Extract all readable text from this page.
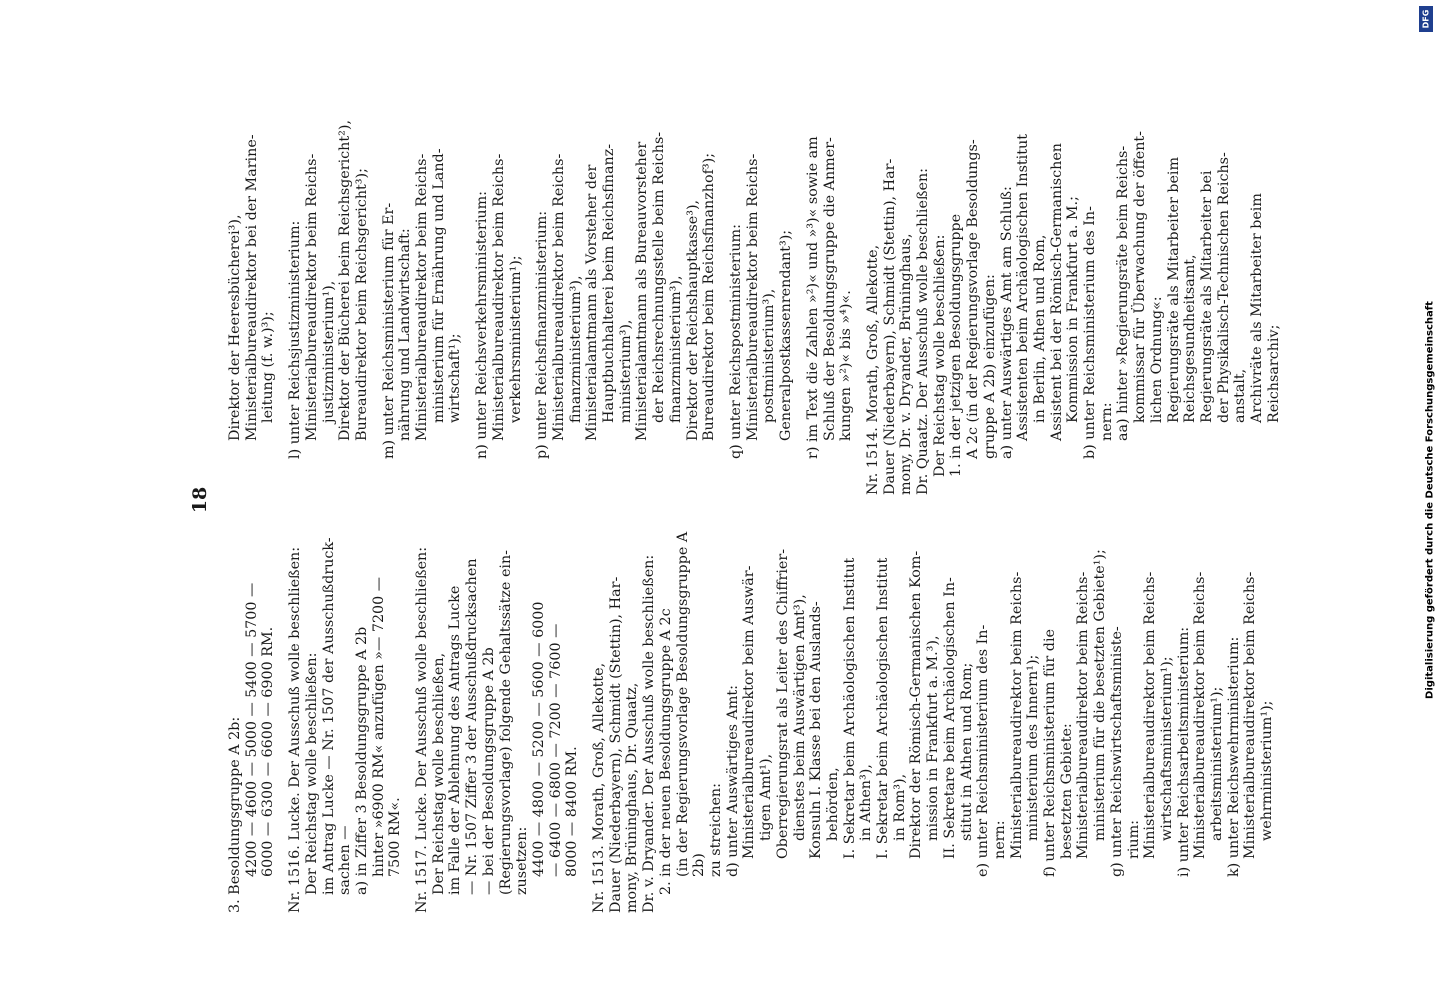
18

3. Besoldungsgruppe A 2b: 4200 — 4600 — 5000 — 5400 — 5700 — 6000 — 6300 — 6600 — 6900 RM. Nr. 1516. Lucke. Der Ausschuß wolle beschließen: Der Reichstag wolle beschließen: im Antrag Lucke — Nr. 1507 der Ausschußdruck- sachen — a) in Ziffer 3 Besoldungsgruppe A 2b hinter »6900 RM« anzufügen »— 7200 — 7500 RM«. Nr. 1517. Lucke. Der Ausschuß wolle beschließen: Der Reichstag wolle beschließen, im Falle der Ablehnung des Antrags Lucke — Nr. 1507 Ziffer 3 der Ausschußdrucksachen — bei der Besoldungsgruppe A 2b (Regierungsvorlage) folgende Gehaltssätze ein- zusetzen: 4400 — 4800 — 5200 — 5600 — 6000 — 6400 — 6800 — 7200 — 7600 — 8000 — 8400 RM. Nr. 1513. Morath, Groß, Allekotte, Dauer (Niederbayern), Schmidt (Stettin), Har- mony, Brüninghaus, Dr. Quaatz, Dr. v. Dryander. Der Ausschuß wolle beschließen: 2. in der neuen Besoldungsgruppe A 2c (in der Regierungsvorlage Besoldungsgruppe A 2b) zu streichen: d) unter Auswärtiges Amt: Ministerialbureaudirektor beim Auswär- tigen Amt¹), Oberregierungsrat als Leiter des Chiffrier- dienstes beim Auswärtigen Amt³), Konsuln I. Klasse bei den Auslands- behörden, I. Sekretar beim Archäologischen Institut in Athen³), I. Sekretar beim Archäologischen Institut in Rom³), Direktor der Römisch-Germanischen Kom- mission in Frankfurt a. M.³), II. Sekretare beim Archäologischen In- stitut in Athen und Rom; e) unter Reichsministerium des In- nern: Ministerialbureaudirektor beim Reichs- ministerium des Innern¹); f) unter Reichsministerium für die besetzten Gebiete: Ministerialbureaudirektor beim Reichs- ministerium für die besetzten Gebiete¹); g) unter Reichswirtschaftsministe- rium: Ministerialbureaudirektor beim Reichs- wirtschaftsministerium¹); i) unter Reichsarbeitsministerium: Ministerialbureaudirektor beim Reichs- arbeitsministerium¹); k) unter Reichswehrministerium: Ministerialbureaudirektor beim Reichs- wehrministerium¹);

Direktor der Heeresbücherei³), Ministerialbureaudirektor bei der Marine- leitung (f. w.)³); l) unter Reichsjustizministerium: Ministerialbureaudirektor beim Reichs- justizministerium¹), Direktor der Bücherei beim Reichsgericht²), Bureaudirektor beim Reichsgericht³); m) unter Reichsministerium für Er- nährung und Landwirtschaft: Ministerialbureaudirektor beim Reichs- ministerium für Ernährung und Land- wirtschaft¹); n) unter Reichsverkehrsministerium: Ministerialbureaudirektor beim Reichs- verkehrsministerium¹); p) unter Reichsfinanzministerium: Ministerialbureaudirektor beim Reichs- finanzministerium³), Ministerialamtmann als Vorsteher der Hauptbuchhalterei beim Reichsfinanz- ministerium³), Ministerialamtmann als Bureauvorsteher der Reichsrechnungsstelle beim Reichs- finanzministerium³), Direktor der Reichshauptkasse³), Bureaudirektor beim Reichsfinanzhof³); q) unter Reichspostministerium: Ministerialbureaudirektor beim Reichs- postministerium³), Generalpostkassenrendant³); r) im Text die Zahlen »²)« und »³)« sowie am Schluß der Besoldungsgruppe die Anmer- kungen »²)« bis »⁴)«. Nr. 1514. Morath, Groß, Allekotte, Dauer (Niederbayern), Schmidt (Stettin), Har- mony, Dr. v. Dryander, Brüninghaus, Dr. Quaatz. Der Ausschuß wolle beschließen: Der Reichstag wolle beschließen: 1. in der jetzigen Besoldungsgruppe A 2c (in der Regierungsvorlage Besoldungs- gruppe A 2b) einzufügen: a) unter Auswärtiges Amt am Schluß: Assistenten beim Archäologischen Institut in Berlin, Athen und Rom, Assistent bei der Römisch-Germanischen Kommission in Frankfurt a. M.; b) unter Reichsministerium des In- nern: aa) hinter »Regierungsräte beim Reichs- kommissar für Überwachung der öffent- lichen Ordnung«: Regierungsräte als Mitarbeiter beim Reichsgesundheitsamt, Regierungsräte als Mitarbeiter bei der Physikalisch-Technischen Reichs- anstalt, Archivräte als Mitarbeiter beim Reichsarchiv;	Digitalisierung gefördert durch die Deutsche Forschungsgemeinschaft
DFG
